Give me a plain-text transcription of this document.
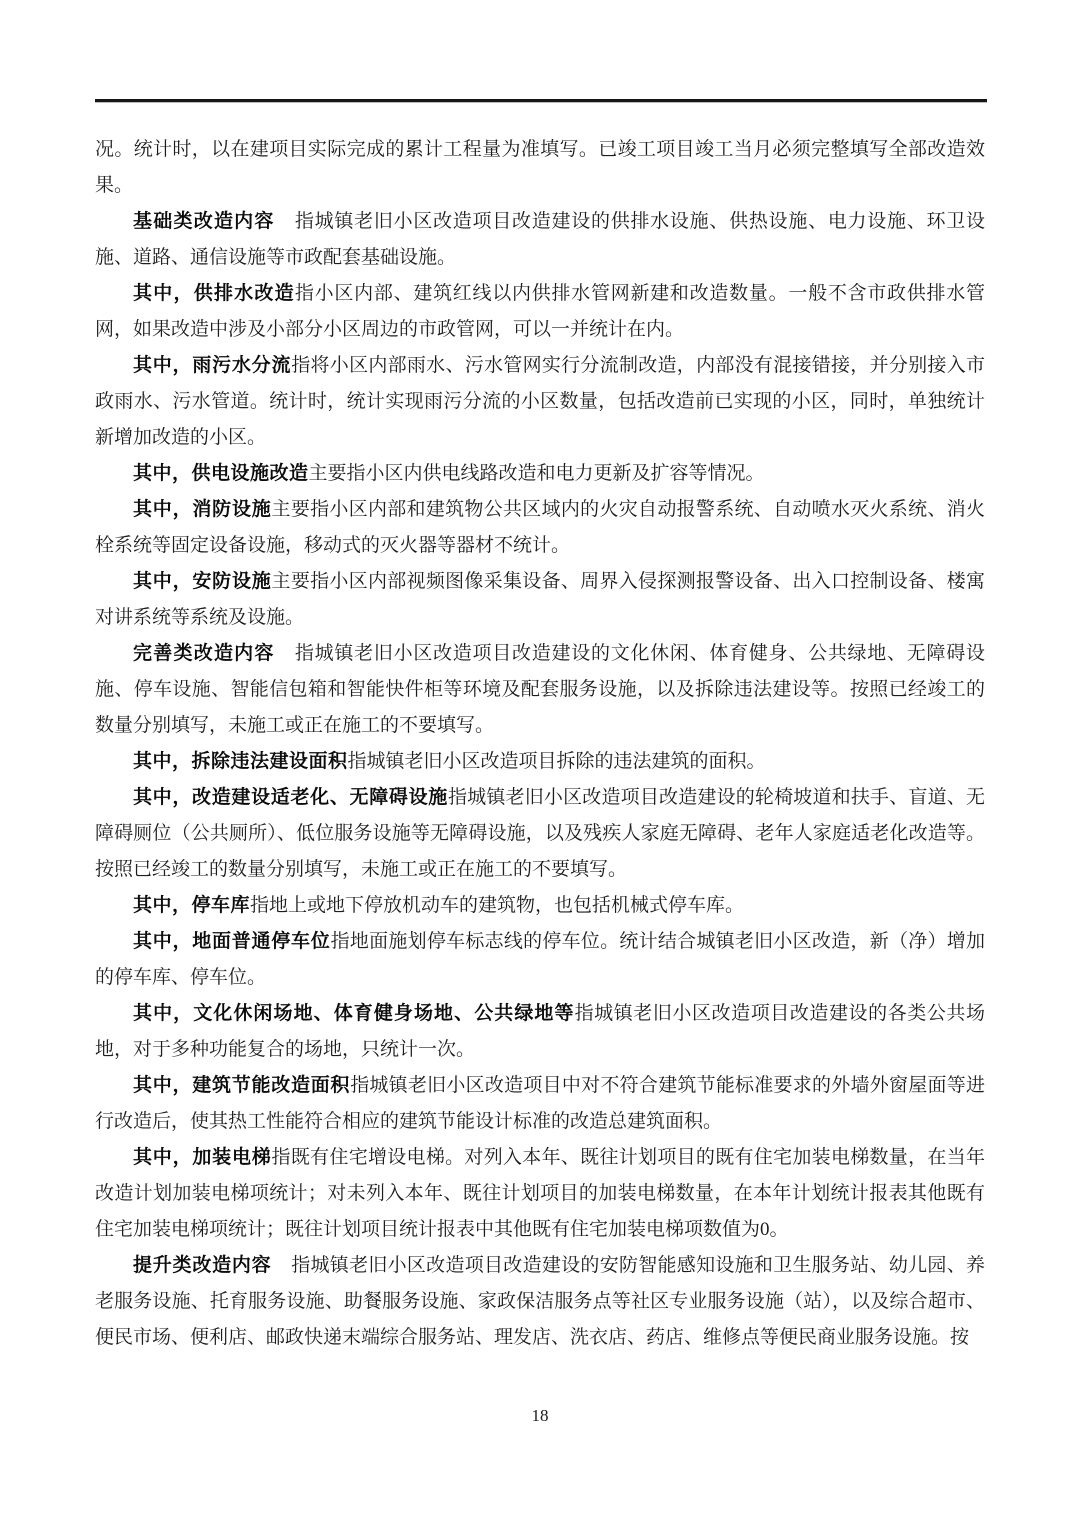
况。统计时，以在建项目实际完成的累计工程量为准填写。已竣工项目竣工当月必须完整填写全部改造效果。

基础类改造内容　指城镇老旧小区改造项目改造建设的供排水设施、供热设施、电力设施、环卫设施、道路、通信设施等市政配套基础设施。

其中，供排水改造指小区内部、建筑红线以内供排水管网新建和改造数量。一般不含市政供排水管网，如果改造中涉及小部分小区周边的市政管网，可以一并统计在内。

其中，雨污水分流指将小区内部雨水、污水管网实行分流制改造，内部没有混接错接，并分别接入市政雨水、污水管道。统计时，统计实现雨污分流的小区数量，包括改造前已实现的小区，同时，单独统计新增加改造的小区。

其中，供电设施改造主要指小区内供电线路改造和电力更新及扩容等情况。

其中，消防设施主要指小区内部和建筑物公共区域内的火灾自动报警系统、自动喷水灭火系统、消火栓系统等固定设备设施，移动式的灭火器等器材不统计。

其中，安防设施主要指小区内部视频图像采集设备、周界入侵探测报警设备、出入口控制设备、楼寓对讲系统等系统及设施。

完善类改造内容　指城镇老旧小区改造项目改造建设的文化休闲、体育健身、公共绿地、无障碍设施、停车设施、智能信包箱和智能快件柜等环境及配套服务设施，以及拆除违法建设等。按照已经竣工的数量分别填写，未施工或正在施工的不要填写。

其中，拆除违法建设面积指城镇老旧小区改造项目拆除的违法建筑的面积。

其中，改造建设适老化、无障碍设施指城镇老旧小区改造项目改造建设的轮椅坡道和扶手、盲道、无障碍厕位（公共厕所）、低位服务设施等无障碍设施，以及残疾人家庭无障碍、老年人家庭适老化改造等。按照已经竣工的数量分别填写，未施工或正在施工的不要填写。

其中，停车库指地上或地下停放机动车的建筑物，也包括机械式停车库。

其中，地面普通停车位指地面施划停车标志线的停车位。统计结合城镇老旧小区改造，新（净）增加的停车库、停车位。

其中，文化休闲场地、体育健身场地、公共绿地等指城镇老旧小区改造项目改造建设的各类公共场地，对于多种功能复合的场地，只统计一次。

其中，建筑节能改造面积指城镇老旧小区改造项目中对不符合建筑节能标准要求的外墙外窗屋面等进行改造后，使其热工性能符合相应的建筑节能设计标准的改造总建筑面积。

其中，加装电梯指既有住宅增设电梯。对列入本年、既往计划项目的既有住宅加装电梯数量，在当年改造计划加装电梯项统计；对未列入本年、既往计划项目的加装电梯数量，在本年计划统计报表其他既有住宅加装电梯项统计；既往计划项目统计报表中其他既有住宅加装电梯项数值为0。

提升类改造内容　指城镇老旧小区改造项目改造建设的安防智能感知设施和卫生服务站、幼儿园、养老服务设施、托育服务设施、助餐服务设施、家政保洁服务点等社区专业服务设施（站），以及综合超市、便民市场、便利店、邮政快递末端综合服务站、理发店、洗衣店、药店、维修点等便民商业服务设施。按

18
